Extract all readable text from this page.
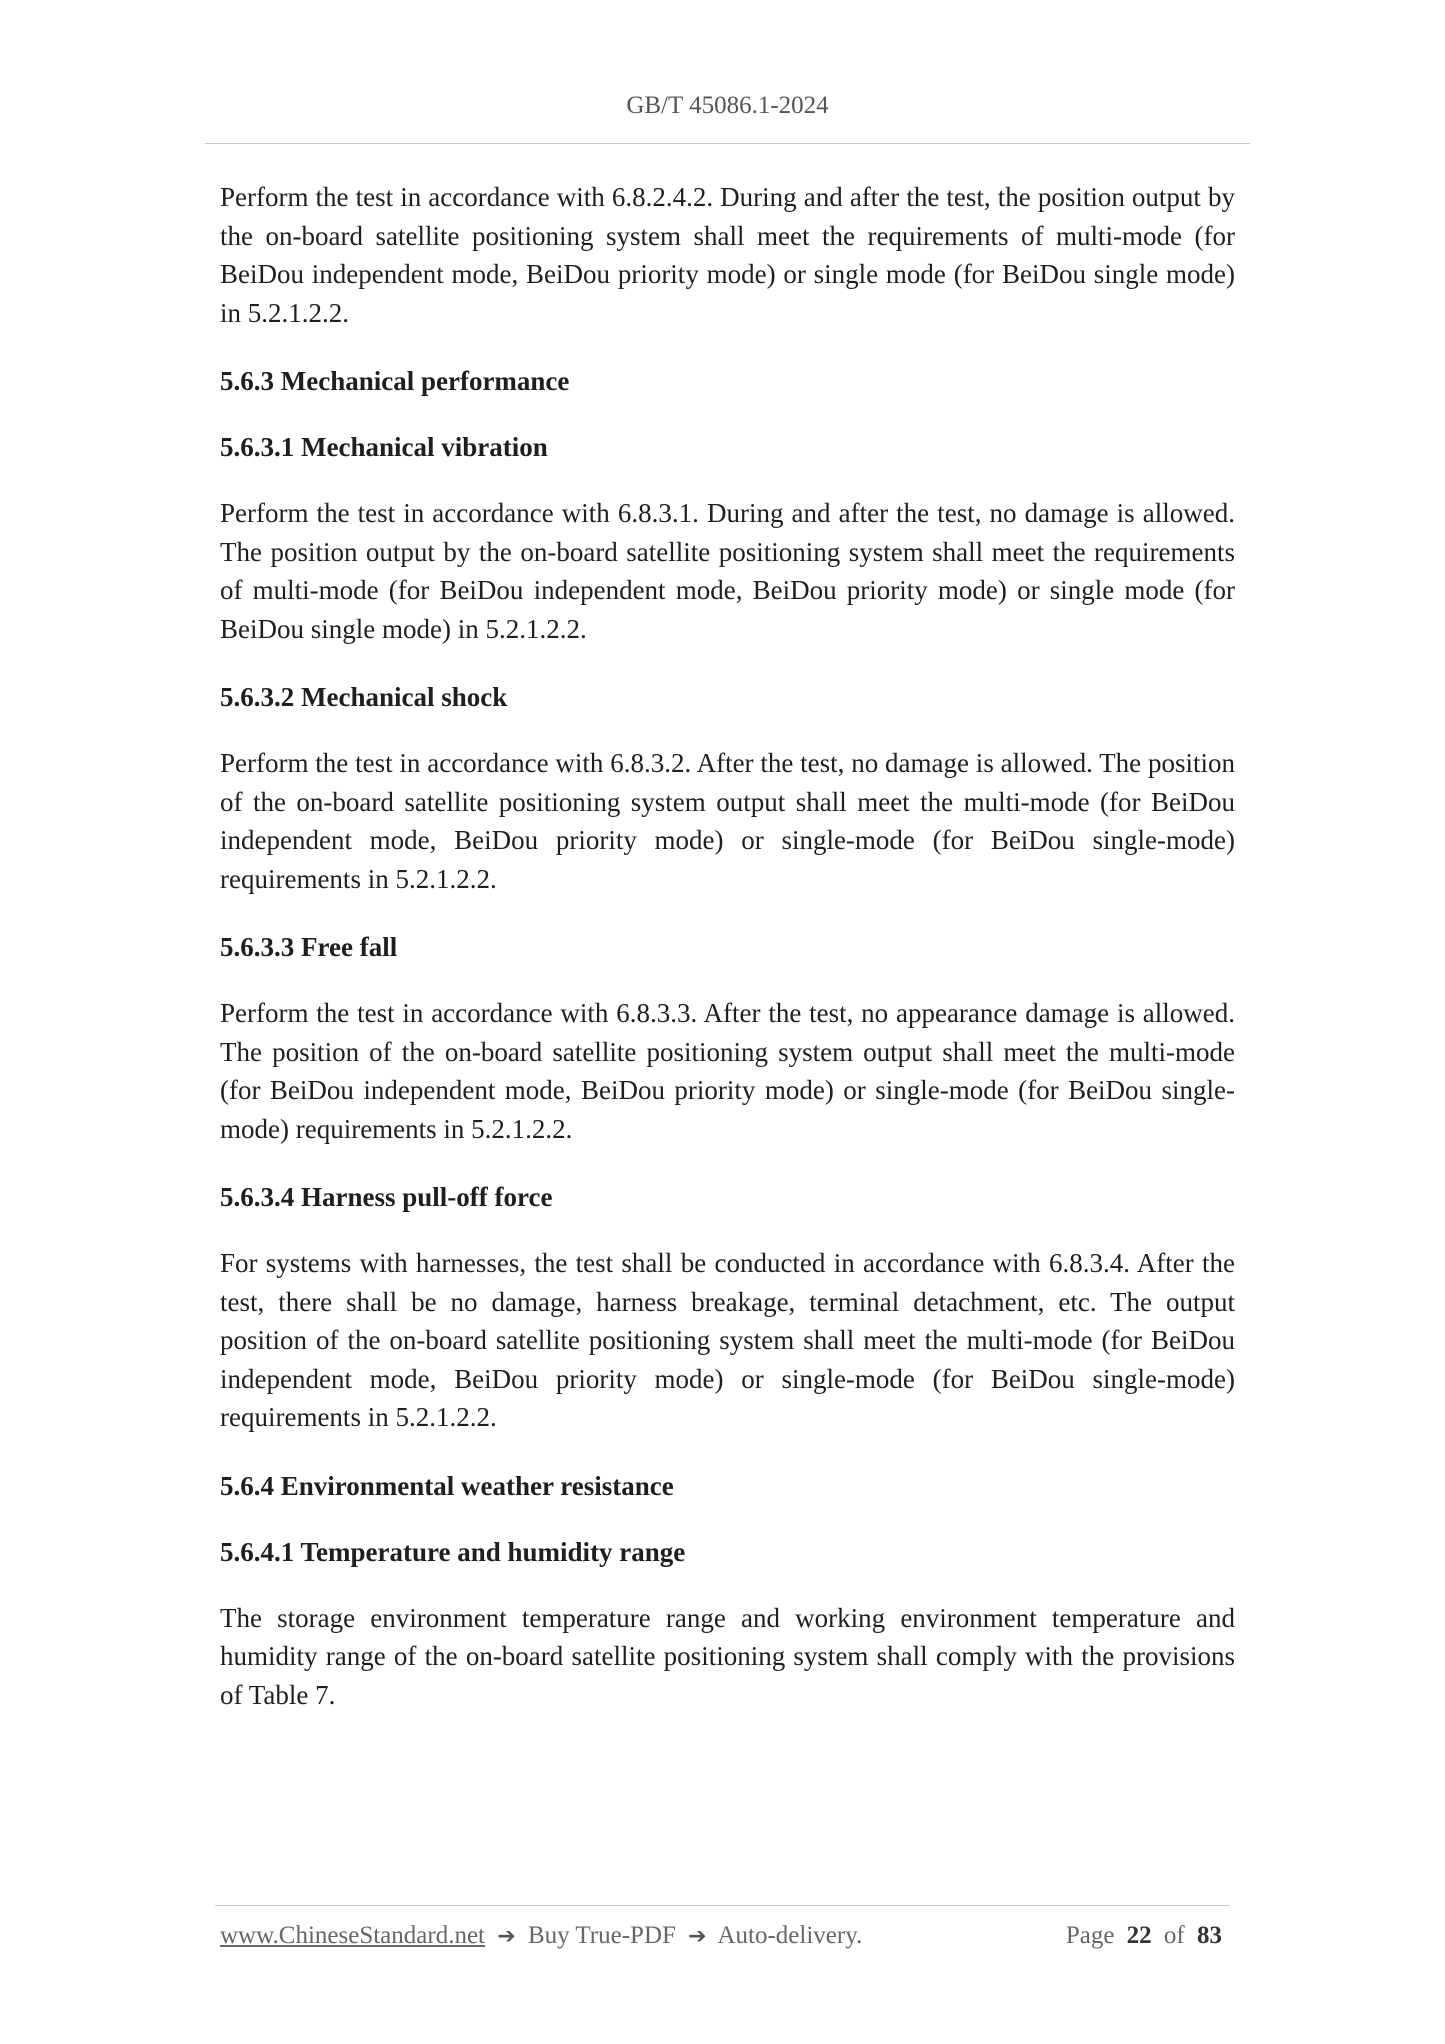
GB/T 45086.1-2024

Perform the test in accordance with 6.8.2.4.2. During and after the test, the position output by the on-board satellite positioning system shall meet the requirements of multi-mode (for BeiDou independent mode, BeiDou priority mode) or single mode (for BeiDou single mode) in 5.2.1.2.2.

5.6.3 Mechanical performance
5.6.3.1 Mechanical vibration

Perform the test in accordance with 6.8.3.1. During and after the test, no damage is allowed. The position output by the on-board satellite positioning system shall meet the requirements of multi-mode (for BeiDou independent mode, BeiDou priority mode) or single mode (for BeiDou single mode) in 5.2.1.2.2.

5.6.3.2 Mechanical shock

Perform the test in accordance with 6.8.3.2. After the test, no damage is allowed. The position of the on-board satellite positioning system output shall meet the multi-mode (for BeiDou independent mode, BeiDou priority mode) or single-mode (for BeiDou single-mode) requirements in 5.2.1.2.2.

5.6.3.3 Free fall

Perform the test in accordance with 6.8.3.3. After the test, no appearance damage is allowed. The position of the on-board satellite positioning system output shall meet the multi-mode (for BeiDou independent mode, BeiDou priority mode) or single-mode (for BeiDou single-mode) requirements in 5.2.1.2.2.

5.6.3.4 Harness pull-off force

For systems with harnesses, the test shall be conducted in accordance with 6.8.3.4. After the test, there shall be no damage, harness breakage, terminal detachment, etc. The output position of the on-board satellite positioning system shall meet the multi-mode (for BeiDou independent mode, BeiDou priority mode) or single-mode (for BeiDou single-mode) requirements in 5.2.1.2.2.

5.6.4 Environmental weather resistance
5.6.4.1 Temperature and humidity range

The storage environment temperature range and working environment temperature and humidity range of the on-board satellite positioning system shall comply with the provisions of Table 7.

www.ChineseStandard.net ➔ Buy True-PDF ➔ Auto-delivery.	Page 22 of 83
